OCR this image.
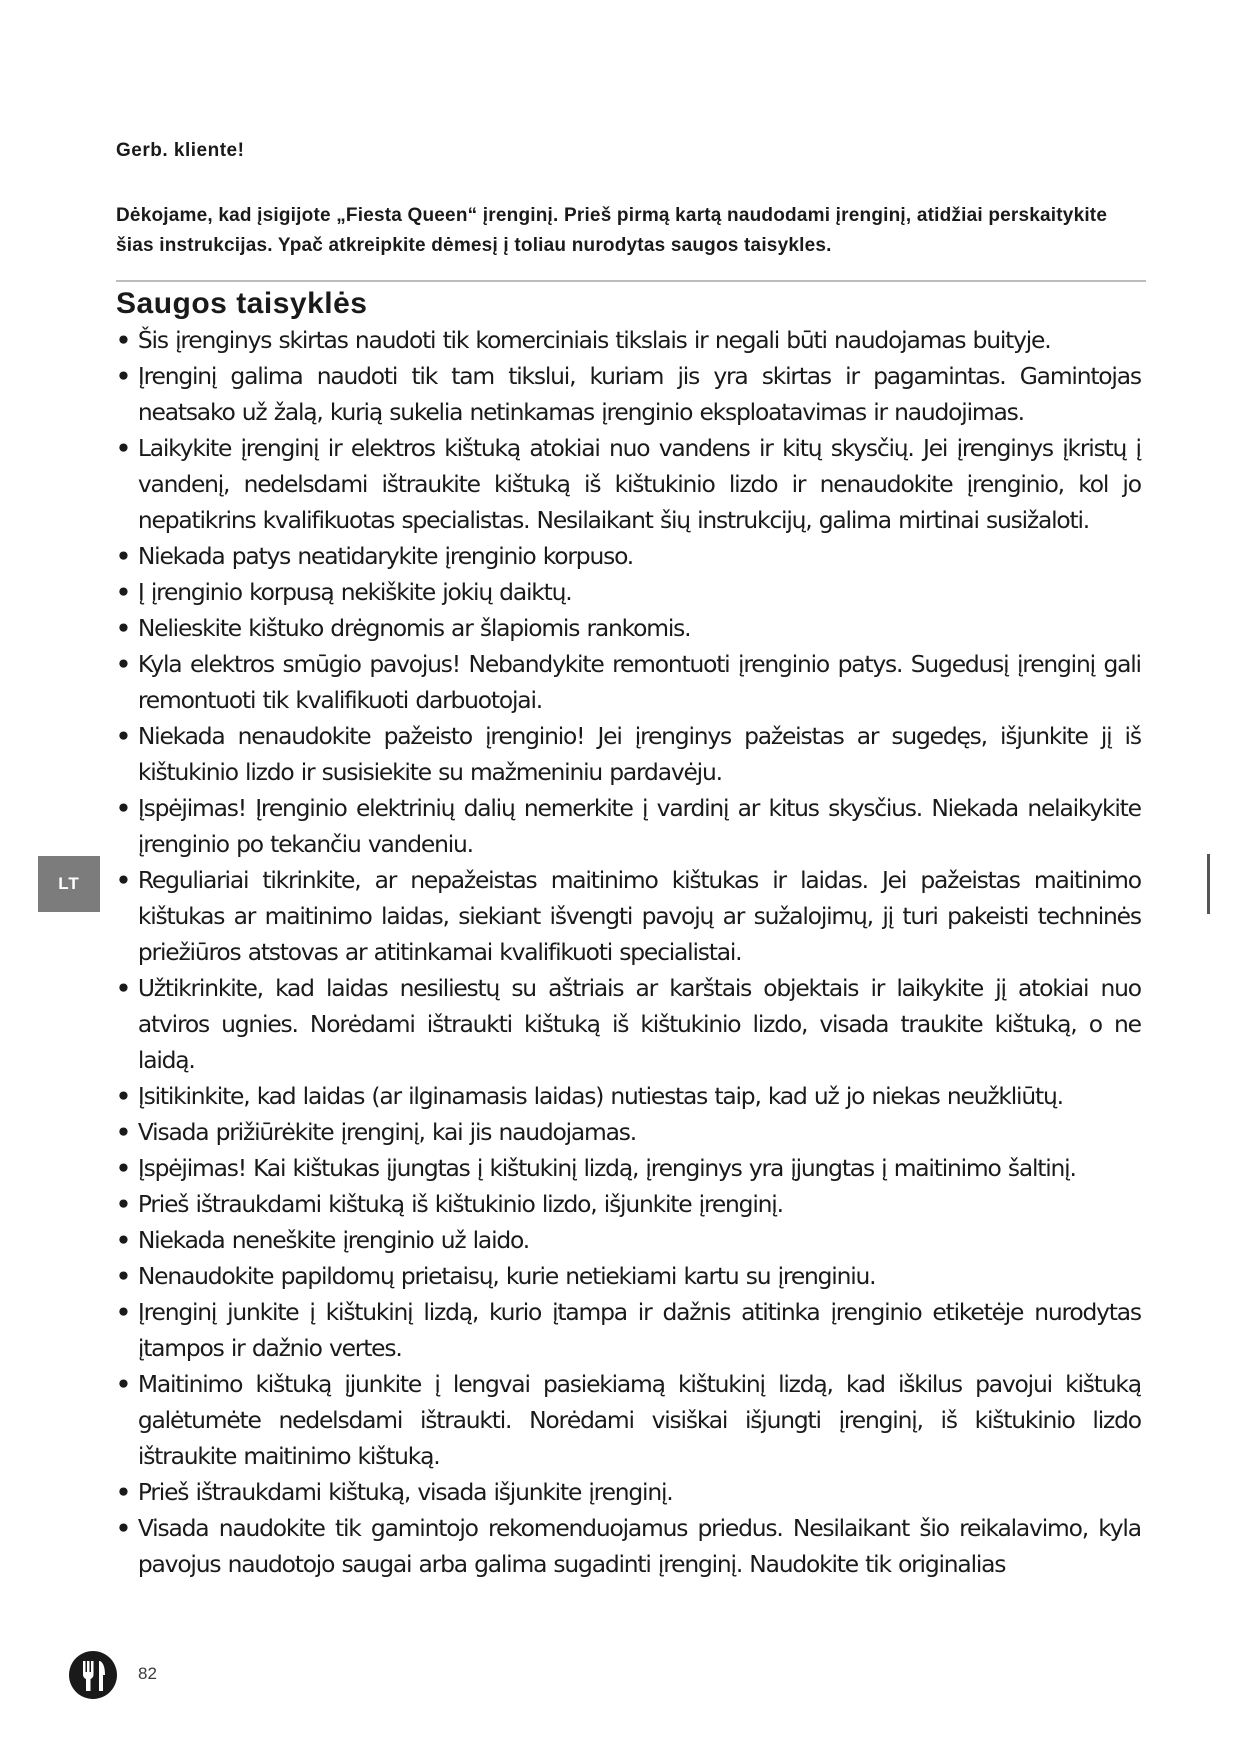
Gerb. kliente!
Dėkojame, kad įsigijote „Fiesta Queen“ įrenginį. Prieš pirmą kartą naudodami įrenginį, atidžiai perskaitykite šias instrukcijas. Ypač atkreipkite dėmesį į toliau nurodytas saugos taisykles.
Saugos taisyklės
• Šis įrenginys skirtas naudoti tik komerciniais tikslais ir negali būti naudojamas buityje.
• Įrenginį galima naudoti tik tam tikslui, kuriam jis yra skirtas ir pagamintas. Gamintojas neatsako už žalą, kurią sukelia netinkamas įrenginio eksploatavimas ir naudojimas.
• Laikykite įrenginį ir elektros kištuką atokiai nuo vandens ir kitų skysčių. Jei įrenginys įkristų į vandenį, nedelsdami ištraukite kištuką iš kištukinio lizdo ir nenaudokite įrenginio, kol jo nepatikrins kvalifikuotas specialistas. Nesilaikant šių instrukcijų, galima mirtinai susižaloti.
• Niekada patys neatidarykite įrenginio korpuso.
• Į įrenginio korpusą nekiškite jokių daiktų.
• Nelieskite kištuko drėgnomis ar šlapiomis rankomis.
• Kyla elektros smūgio pavojus! Nebandykite remontuoti įrenginio patys. Sugedusį įrenginį gali remontuoti tik kvalifikuoti darbuotojai.
• Niekada nenaudokite pažeisto įrenginio! Jei įrenginys pažeistas ar sugedęs, išjunkite jį iš kištukinio lizdo ir susisiekite su mažmeniniu pardavėju.
• Įspėjimas! Įrenginio elektrinių dalių nemerkite į vardinį ar kitus skysčius. Niekada nelaikykite įrenginio po tekančiu vandeniu.
• Reguliariai tikrinkite, ar nepažeistas maitinimo kištukas ir laidas. Jei pažeistas maitinimo kištukas ar maitinimo laidas, siekiant išvengti pavojų ar sužalojimų, jį turi pakeisti techninės priežiūros atstovas ar atitinkamai kvalifikuoti specialistai.
• Užtikrinkite, kad laidas nesiliestų su aštriais ar karštais objektais ir laikykite jį atokiai nuo atviros ugnies. Norėdami ištraukti kištuką iš kištukinio lizdo, visada traukite kištuką, o ne laidą.
• Įsitikinkite, kad laidas (ar ilginamasis laidas) nutiestas taip, kad už jo niekas neužkliūtų.
• Visada prižiūrėkite įrenginį, kai jis naudojamas.
• Įspėjimas! Kai kištukas įjungtas į kištukinį lizdą, įrenginys yra įjungtas į maitinimo šaltinį.
• Prieš ištraukdami kištuką iš kištukinio lizdo, išjunkite įrenginį.
• Niekada neneškite įrenginio už laido.
• Nenaudokite papildomų prietaisų, kurie netiekiami kartu su įrenginiu.
• Įrenginį junkite į kištukinį lizdą, kurio įtampa ir dažnis atitinka įrenginio etiketėje nurodytas įtampos ir dažnio vertes.
• Maitinimo kištuką įjunkite į lengvai pasiekiamą kištukinį lizdą, kad iškilus pavojui kištuką galėtumėte nedelsdami ištraukti. Norėdami visiškai išjungti įrenginį, iš kištukinio lizdo ištraukite maitinimo kištuką.
• Prieš ištraukdami kištuką, visada išjunkite įrenginį.
• Visada naudokite tik gamintojo rekomenduojamus priedus. Nesilaikant šio reikalavimo, kyla pavojus naudotojo saugai arba galima sugadinti įrenginį. Naudokite tik originalias
LT
82
